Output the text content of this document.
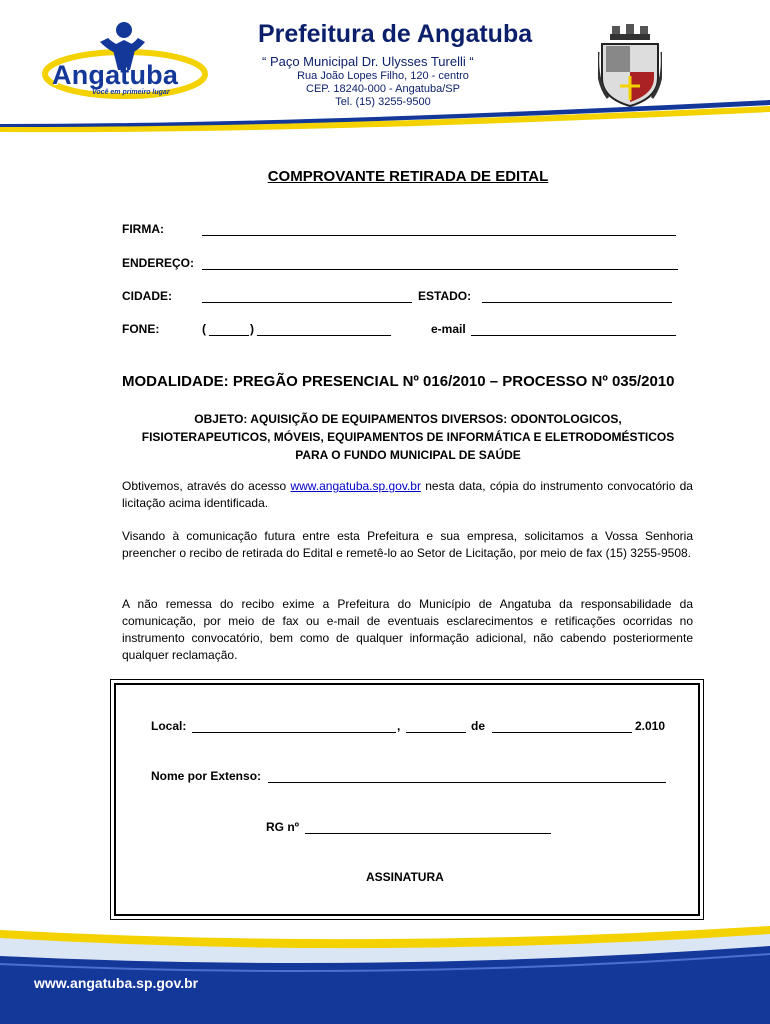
Angatuba
Você em primeiro lugar
Prefeitura de Angatuba
“ Paço Municipal Dr. Ulysses Turelli “
Rua João Lopes Filho, 120 - centro
CEP. 18240-000 - Angatuba/SP
Tel. (15) 3255-9500
COMPROVANTE RETIRADA DE EDITAL
FIRMA:
ENDEREÇO:
CIDADE:	ESTADO:
FONE:	(	)	e-mail
MODALIDADE: PREGÃO PRESENCIAL Nº 016/2010 – PROCESSO Nº 035/2010
OBJETO: AQUISIÇÃO DE EQUIPAMENTOS DIVERSOS: ODONTOLOGICOS,
FISIOTERAPEUTICOS, MÓVEIS, EQUIPAMENTOS DE INFORMÁTICA E ELETRODOMÉSTICOS
PARA O FUNDO MUNICIPAL DE SAÚDE
Obtivemos, através do acesso www.angatuba.sp.gov.br nesta data, cópia do instrumento convocatório da licitação acima identificada.
Visando à comunicação futura entre esta Prefeitura e sua empresa, solicitamos a Vossa Senhoria preencher o recibo de retirada do Edital e remetê-lo ao Setor de Licitação, por meio de fax (15) 3255-9508.
A não remessa do recibo exime a Prefeitura do Município de Angatuba da responsabilidade da comunicação, por meio de fax ou e-mail de eventuais esclarecimentos e retificações ocorridas no instrumento convocatório, bem como de qualquer informação adicional, não cabendo posteriormente qualquer reclamação.
Local:	,	de	2.010
Nome por Extenso:
RG nº
ASSINATURA
www.angatuba.sp.gov.br
